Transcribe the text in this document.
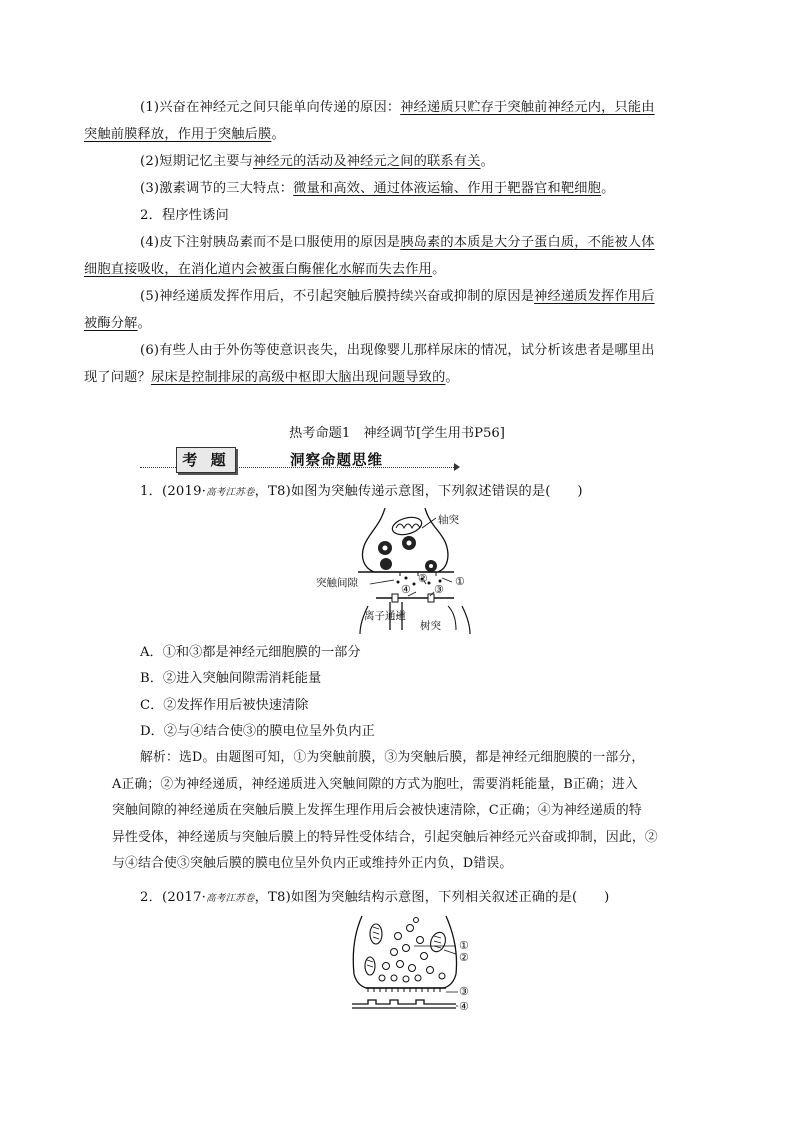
(1)兴奋在神经元之间只能单向传递的原因：神经递质只贮存于突触前神经元内，只能由
突触前膜释放，作用于突触后膜。
(2)短期记忆主要与神经元的活动及神经元之间的联系有关。
(3)激素调节的三大特点：微量和高效、通过体液运输、作用于靶器官和靶细胞。
2．程序性诱问
(4)皮下注射胰岛素而不是口服使用的原因是胰岛素的本质是大分子蛋白质，不能被人体
细胞直接吸收，在消化道内会被蛋白酶催化水解而失去作用。
(5)神经递质发挥作用后，不引起突触后膜持续兴奋或抑制的原因是神经递质发挥作用后
被酶分解。
(6)有些人由于外伤等使意识丧失，出现像婴儿那样尿床的情况，试分析该患者是哪里出
现了问题？尿床是控制排尿的高级中枢即大脑出现问题导致的。
热考命题1　神经调节[学生用书P56]
考 题	洞察命题思维
1．(2019·高考江苏卷，T8)如图为突触传递示意图，下列叙述错误的是(　　)
轴突
突触间隙	② ①
④ ③
离子通道
树突
A．①和③都是神经元细胞膜的一部分
B．②进入突触间隙需消耗能量
C．②发挥作用后被快速清除
D．②与④结合使③的膜电位呈外负内正
解析：选D。由题图可知，①为突触前膜，③为突触后膜，都是神经元细胞膜的一部分，
A正确；②为神经递质，神经递质进入突触间隙的方式为胞吐，需要消耗能量，B正确；进入
突触间隙的神经递质在突触后膜上发挥生理作用后会被快速清除，C正确；④为神经递质的特
异性受体，神经递质与突触后膜上的特异性受体结合，引起突触后神经元兴奋或抑制，因此，②
与④结合使③突触后膜的膜电位呈外负内正或维持外正内负，D错误。
2．(2017·高考江苏卷，T8)如图为突触结构示意图，下列相关叙述正确的是(　　)
①
②
③
④
